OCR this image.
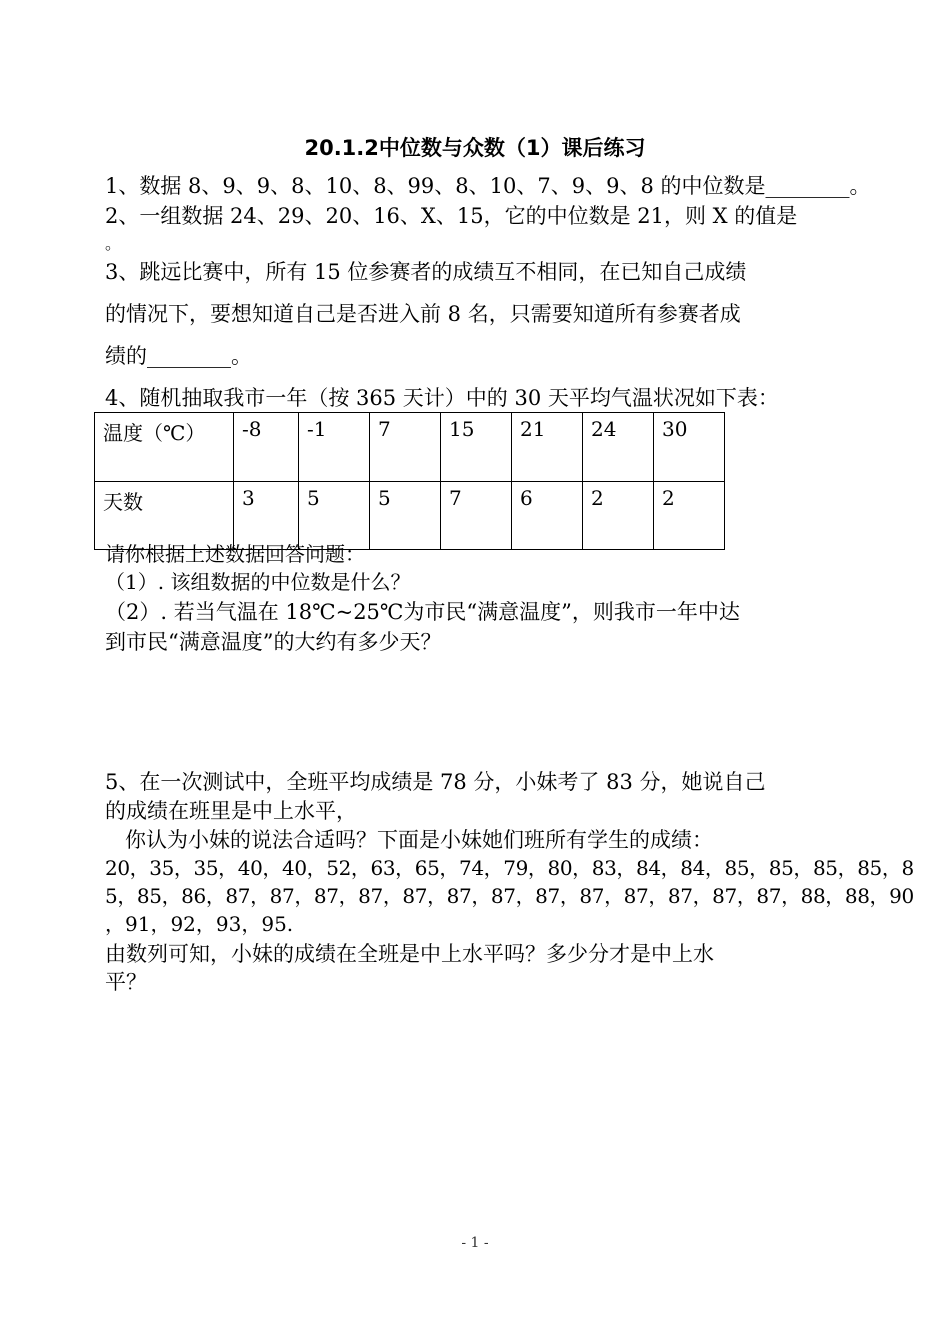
20.1.2中位数与众数（1）课后练习
1、数据 8、9、9、8、10、8、99、8、10、7、9、9、8 的中位数是________。
2、一组数据 24、29、20、16、X、15，它的中位数是 21，则 X 的值是
。
3、跳远比赛中，所有 15 位参赛者的成绩互不相同，在已知自己成绩
的情况下，要想知道自己是否进入前 8 名，只需要知道所有参赛者成
绩的________。
4、随机抽取我市一年（按 365 天计）中的 30 天平均气温状况如下表：
温度（℃）	-8	-1	7	15	21	24	30
天数	3	5	5	7	6	2	2
请你根据上述数据回答问题：
（1）. 该组数据的中位数是什么？
（2）. 若当气温在 18℃~25℃为市民“满意温度”，则我市一年中达
到市民“满意温度”的大约有多少天？
5、在一次测试中，全班平均成绩是 78 分，小妹考了 83 分，她说自己
的成绩在班里是中上水平，
你认为小妹的说法合适吗？下面是小妹她们班所有学生的成绩：
20，35，35，40，40，52，63，65，74，79，80，83，84，84，85，85，85，85，8
5，85，86，87，87，87，87，87，87，87，87，87，87，87，87，87，88，88，90
，91，92，93，95.
由数列可知，小妹的成绩在全班是中上水平吗？多少分才是中上水
平？
- 1 -
